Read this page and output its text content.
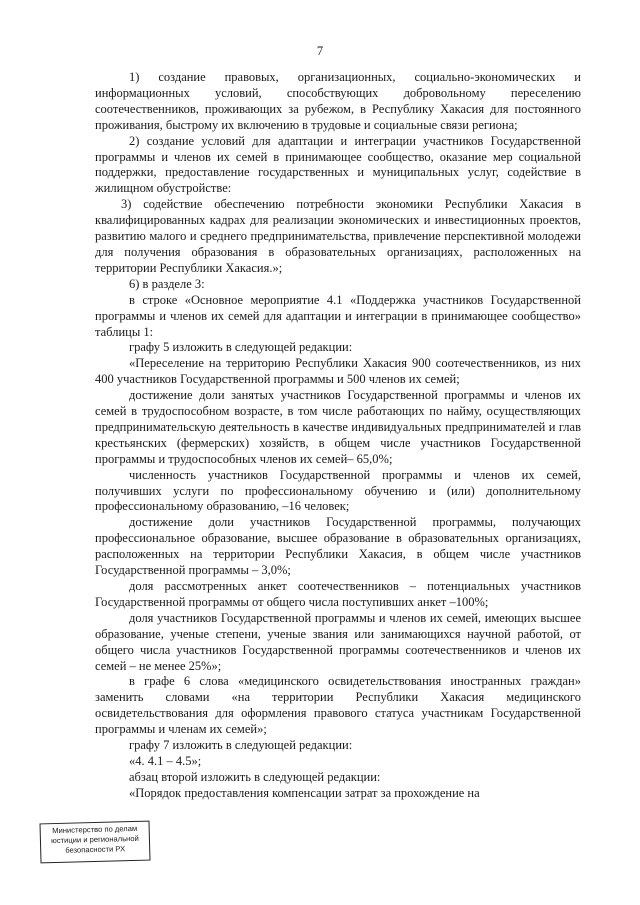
7

1) создание правовых, организационных, социально-экономических и информационных условий, способствующих добровольному переселению соотечественников, проживающих за рубежом, в Республику Хакасия для постоянного проживания, быстрому их включению в трудовые и социальные связи региона;

2) создание условий для адаптации и интеграции участников Государственной программы и членов их семей в принимающее сообщество, оказание мер социальной поддержки, предоставление государственных и муниципальных услуг, содействие в жилищном обустройстве:

3) содействие обеспечению потребности экономики Республики Хакасия в квалифицированных кадрах для реализации экономических и инвестиционных проектов, развитию малого и среднего предпринимательства, привлечение перспективной молодежи для получения образования в образовательных организациях, расположенных на территории Республики Хакасия.»;

6) в разделе 3:

в строке «Основное мероприятие 4.1 «Поддержка участников Государственной программы и членов их семей для адаптации и интеграции в принимающее сообщество» таблицы 1:

графу 5 изложить в следующей редакции:

«Переселение на территорию Республики Хакасия 900 соотечественников, из них 400 участников Государственной программы и 500 членов их семей;

достижение доли занятых участников Государственной программы и членов их семей в трудоспособном возрасте, в том числе работающих по найму, осуществляющих предпринимательскую деятельность в качестве индивидуальных предпринимателей и глав крестьянских (фермерских) хозяйств, в общем числе участников Государственной программы и трудоспособных членов их семей– 65,0%;

численность участников Государственной программы и членов их семей, получивших услуги по профессиональному обучению и (или) дополнительному профессиональному образованию, –16 человек;

достижение доли участников Государственной программы, получающих профессиональное образование, высшее образование в образовательных организациях, расположенных на территории Республики Хакасия, в общем числе участников Государственной программы – 3,0%;

доля рассмотренных анкет соотечественников – потенциальных участников Государственной программы от общего числа поступивших анкет –100%;

доля участников Государственной программы и членов их семей, имеющих высшее образование, ученые степени, ученые звания или занимающихся научной работой, от общего числа участников Государственной программы соотечественников и членов их семей – не менее 25%»;

в графе 6 слова «медицинского освидетельствования иностранных граждан» заменить словами «на территории Республики Хакасия медицинского освидетельствования для оформления правового статуса участникам Государственной программы и членам их семей»;

графу 7 изложить в следующей редакции:

«4. 4.1 – 4.5»;

абзац второй изложить в следующей редакции:

«Порядок предоставления компенсации затрат за прохождение на

Министерство по делам
юстиции и региональной
безопасности РХ
